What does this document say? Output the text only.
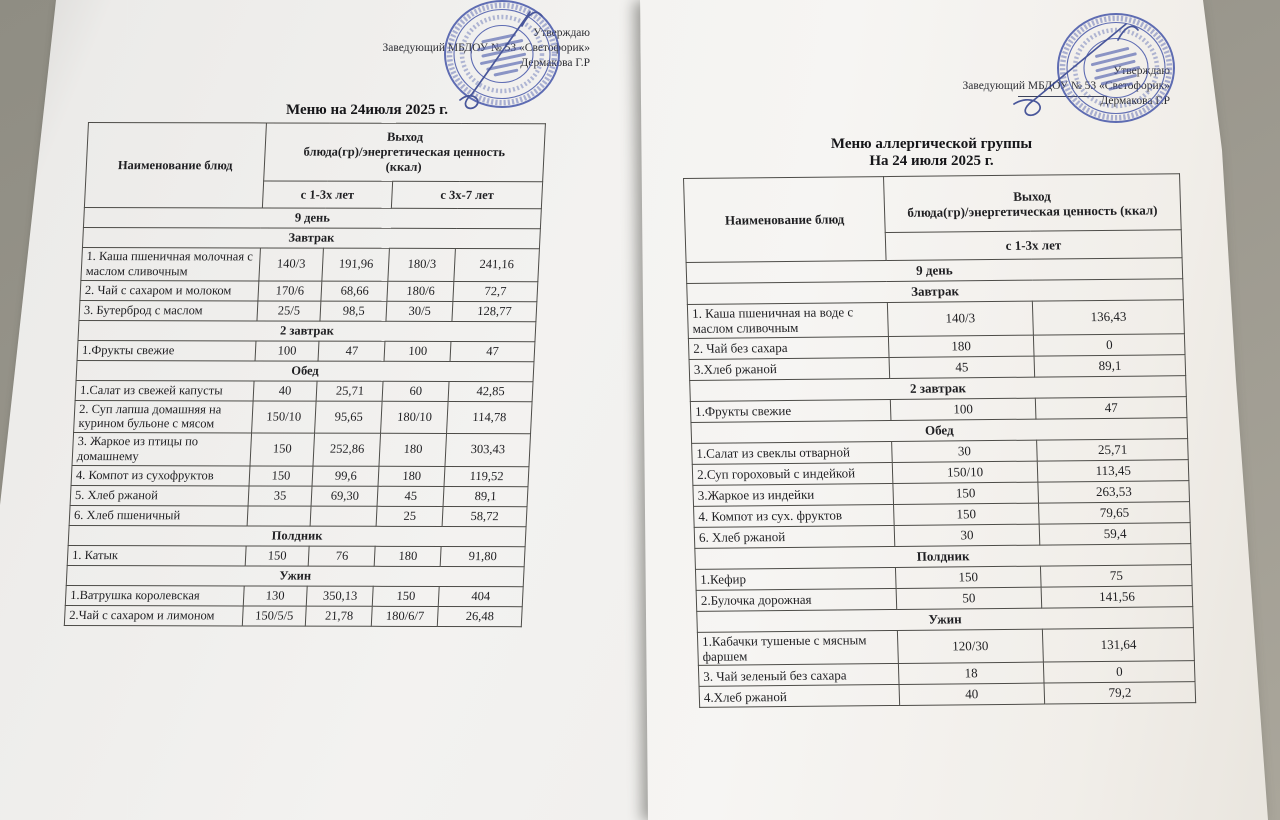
Утверждаю
Заведующий МБДОУ № 53 «Светофорик»
Дермакова Г.Р
Меню на 24июля 2025 г.
Наименование блюд	Выход
блюда(гр)/энергетическая ценность
(ккал)			

	с 1-3х лет		с 3х-7 лет	
9 день				
Завтрак				
1. Каша пшеничная молочная с маслом сливочным	140/3	191,96	180/3	241,16
2. Чай с сахаром и молоком	170/6	68,66	180/6	72,7
3. Бутерброд с маслом	25/5	98,5	30/5	128,77
2 завтрак				
1.Фрукты свежие	100	47	100	47
Обед				
1.Салат из свежей капусты	40	25,71	60	42,85
2. Суп лапша домашняя на курином бульоне с мясом	150/10	95,65	180/10	114,78
3. Жаркое из птицы по домашнему	150	252,86	180	303,43
4. Компот из сухофруктов	150	99,6	180	119,52
5. Хлеб ржаной	35	69,30	45	89,1
6. Хлеб пшеничный			25	58,72
Полдник				
1. Катык	150	76	180	91,80
Ужин				
1.Ватрушка королевская	130	350,13	150	404
2.Чай с сахаром и лимоном	150/5/5	21,78	180/6/7	26,48
Утверждаю
Заведующий МБДОУ № 53 «Светофорик»
Дермакова Г.Р
Меню аллергической группы
На 24 июля 2025 г.
Наименование блюд	Выход
блюда(гр)/энергетическая ценность (ккал)	

	с 1-3х лет	
9 день		
Завтрак		
1. Каша пшеничная на воде с маслом сливочным	140/3	136,43
2. Чай без сахара	180	0
3.Хлеб ржаной	45	89,1
2 завтрак		
1.Фрукты свежие	100	47
Обед		
1.Салат из свеклы отварной	30	25,71
2.Суп гороховый с индейкой	150/10	113,45
3.Жаркое из индейки	150	263,53
4. Компот из сух. фруктов	150	79,65
6. Хлеб ржаной	30	59,4
Полдник		
1.Кефир	150	75
2.Булочка дорожная	50	141,56
Ужин		
1.Кабачки тушеные с мясным фаршем	120/30	131,64
3. Чай зеленый без сахара	18	0
4.Хлеб ржаной	40	79,2
